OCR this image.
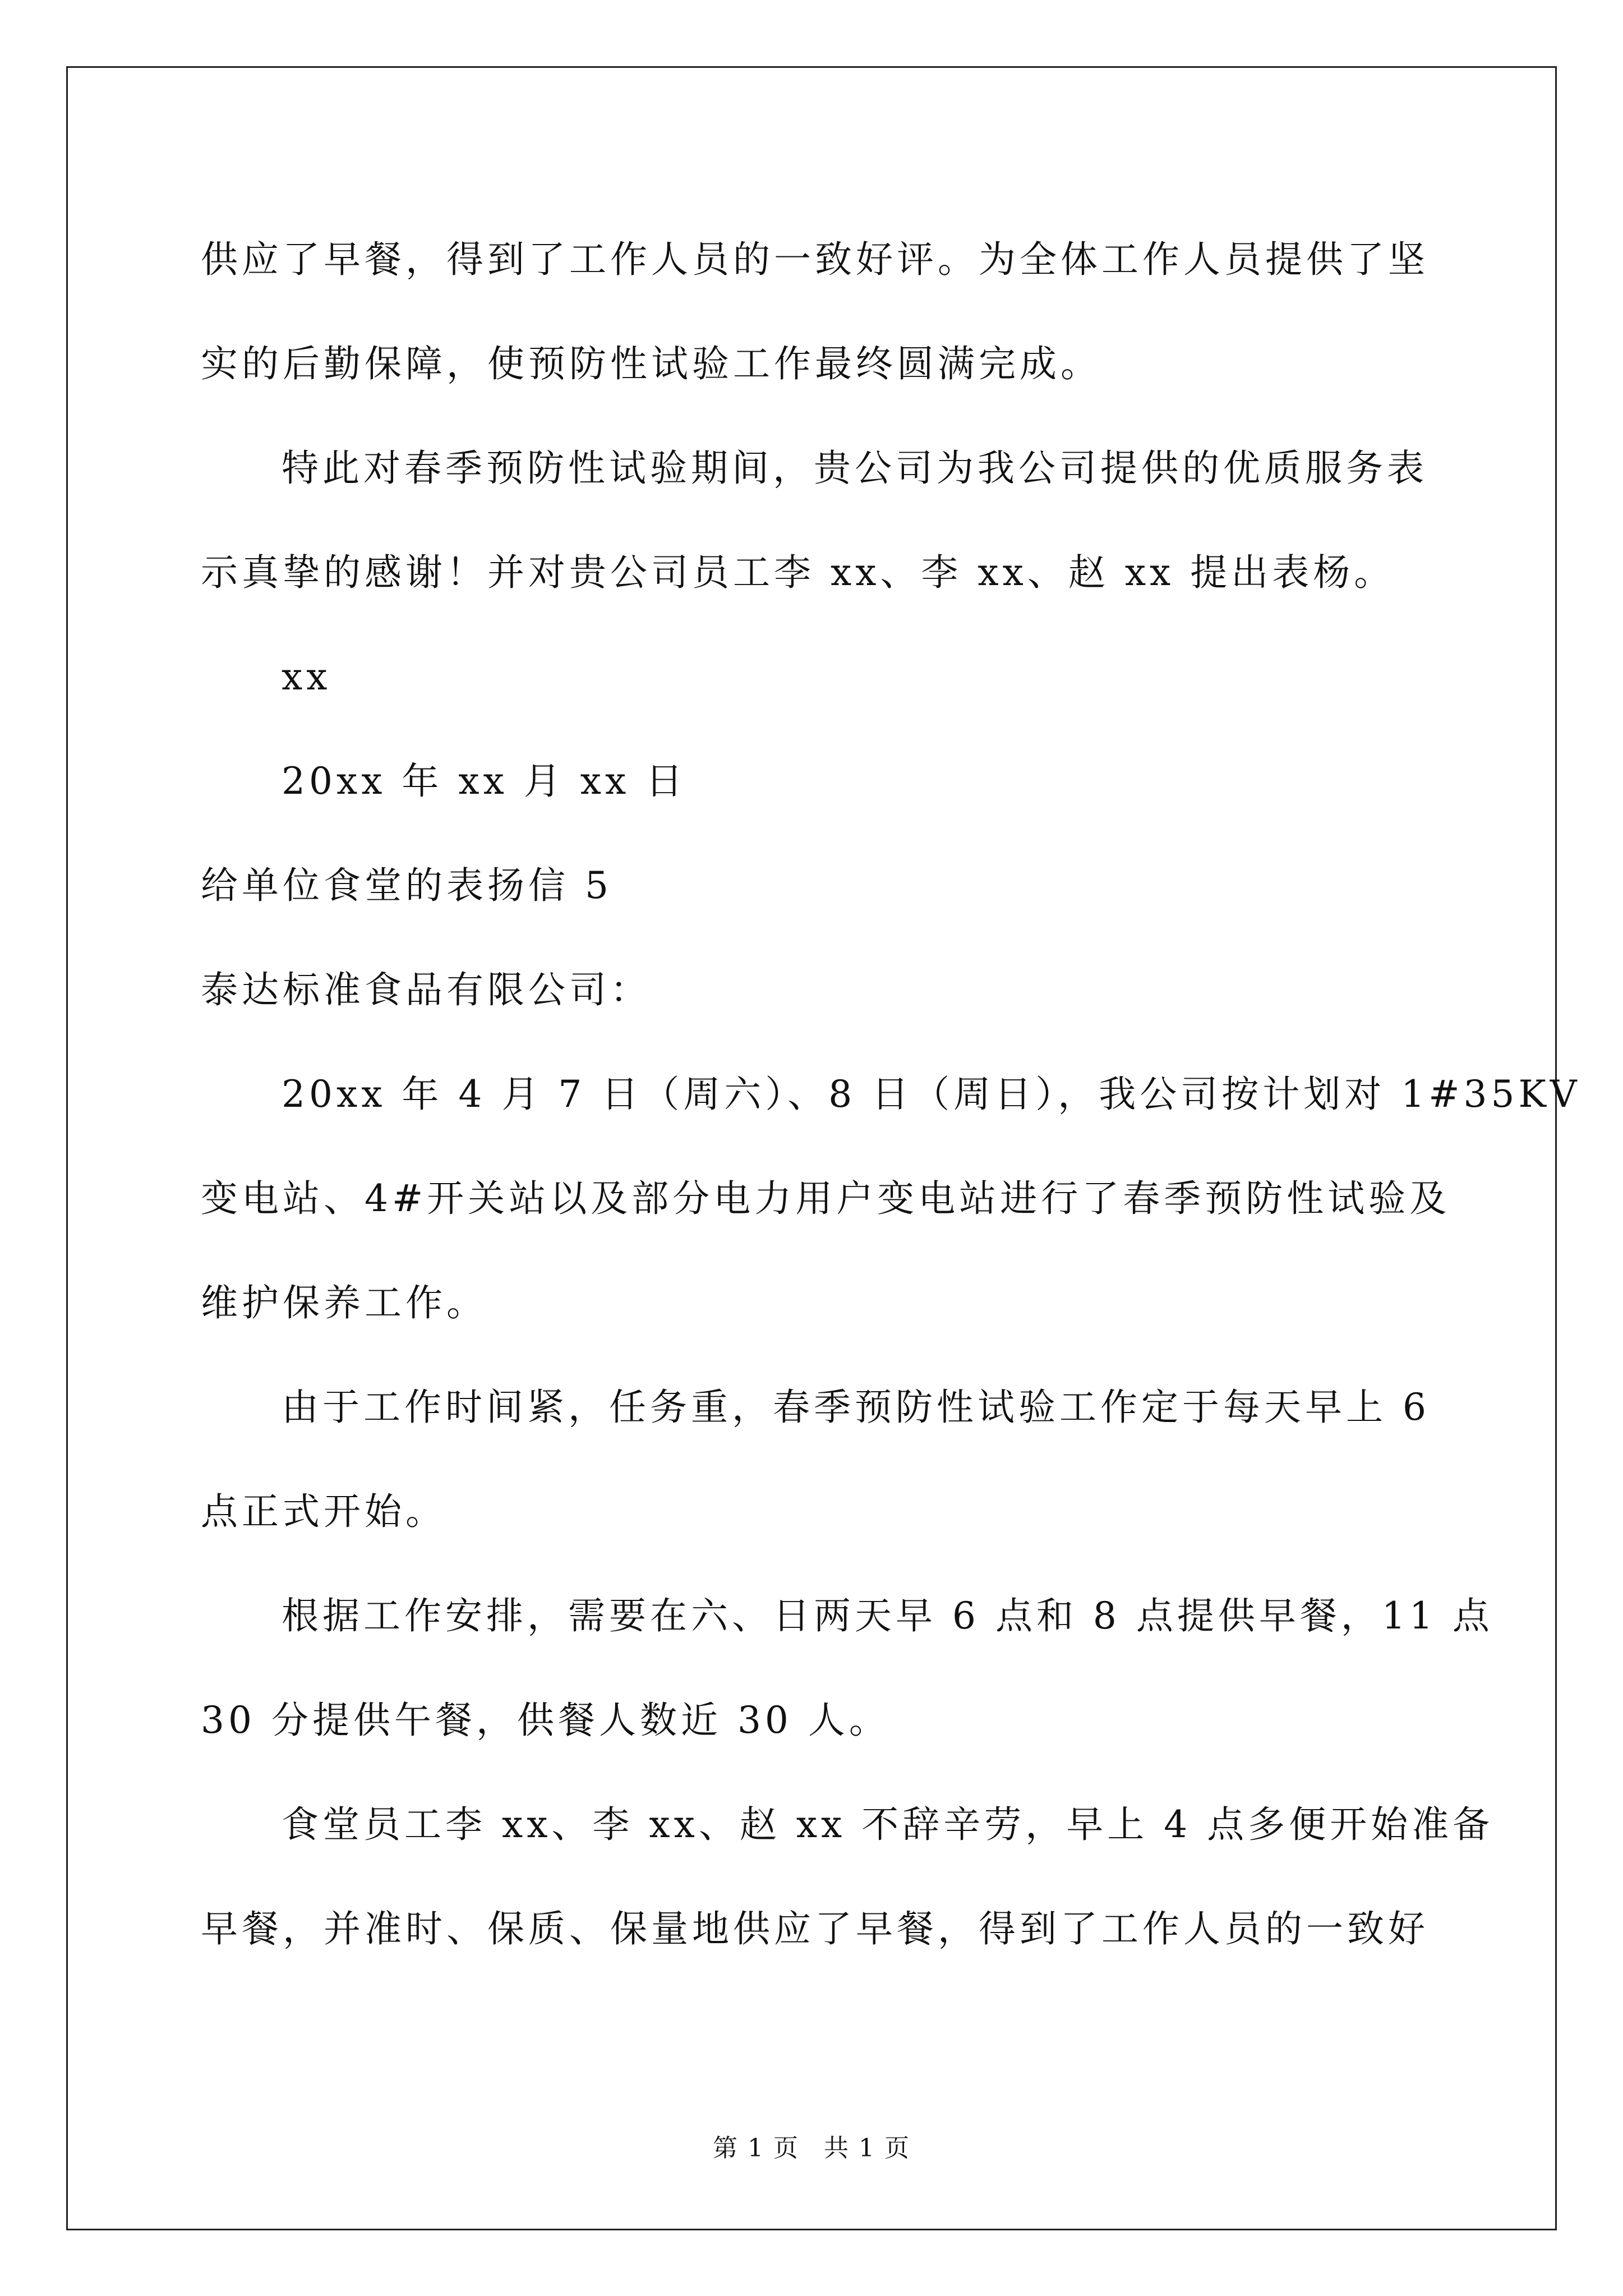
供应了早餐，得到了工作人员的一致好评。为全体工作人员提供了坚
实的后勤保障，使预防性试验工作最终圆满完成。
特此对春季预防性试验期间，贵公司为我公司提供的优质服务表
示真挚的感谢！并对贵公司员工李 xx、李 xx、赵 xx 提出表杨。
xx
20xx 年 xx 月 xx 日
给单位食堂的表扬信 5
泰达标准食品有限公司：
20xx 年 4 月 7 日（周六）、8 日（周日），我公司按计划对 1#35KV
变电站、4#开关站以及部分电力用户变电站进行了春季预防性试验及
维护保养工作。
由于工作时间紧，任务重，春季预防性试验工作定于每天早上 6
点正式开始。
根据工作安排，需要在六、日两天早 6 点和 8 点提供早餐，11 点
30 分提供午餐，供餐人数近 30 人。
食堂员工李 xx、李 xx、赵 xx 不辞辛劳，早上 4 点多便开始准备
早餐，并准时、保质、保量地供应了早餐，得到了工作人员的一致好
第 1 页 共 1 页
